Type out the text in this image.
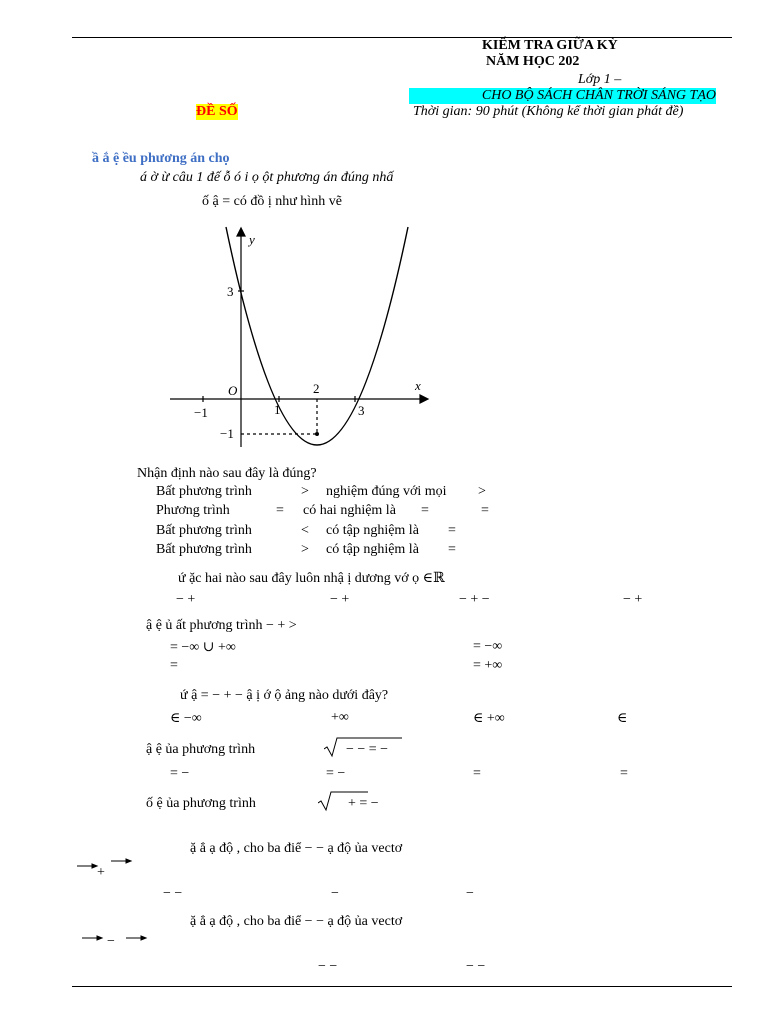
KIỂM TRA GIỮA KỲ
NĂM HỌC 202
Lớp 1 –
CHO BỘ SÁCH CHÂN TRỜI SÁNG TẠO
ĐỀ SỐ	Thời gian: 90 phút (Không kể thời gian phát đề)
ầ ắ ệ ều phương án chọ
á ờ ừ câu 1 đế ỗ ó i ọ ột phương án đúng nhấ
ố ậ = có đồ ị như hình vẽ
y
x
O
3
2
−1	1	3
−1
Nhận định nào sau đây là đúng?
Bất phương trình	> nghiệm đúng với mọi >
Phương trình	= có hai nghiệm là =	=
Bất phương trình	< có tập nghiệm là =
Bất phương trình	> có tập nghiệm là =
ứ ặc hai nào sau đây luôn nhậ ị dương vớ ọ ∈ℝ
− +	− +	− + −	− +
ậ ệ ủ ất phương trình − + >
= −∞ ∪ +∞	= −∞
=	= +∞
ứ ậ = − + − ậ ị ớ ộ ảng nào dưới đây?
∈ −∞	+∞	∈ +∞	∈
ậ ệ ủa phương trình	− − = −
= −	= −	=	=
ố ệ ủa phương trình	+ = −
ặ ẳ ạ độ , cho ba điể − − ạ độ ủa vectơ
+
− −	−	−
ặ ẳ ạ độ , cho ba điể − − ạ độ ủa vectơ
−
− −	− −
